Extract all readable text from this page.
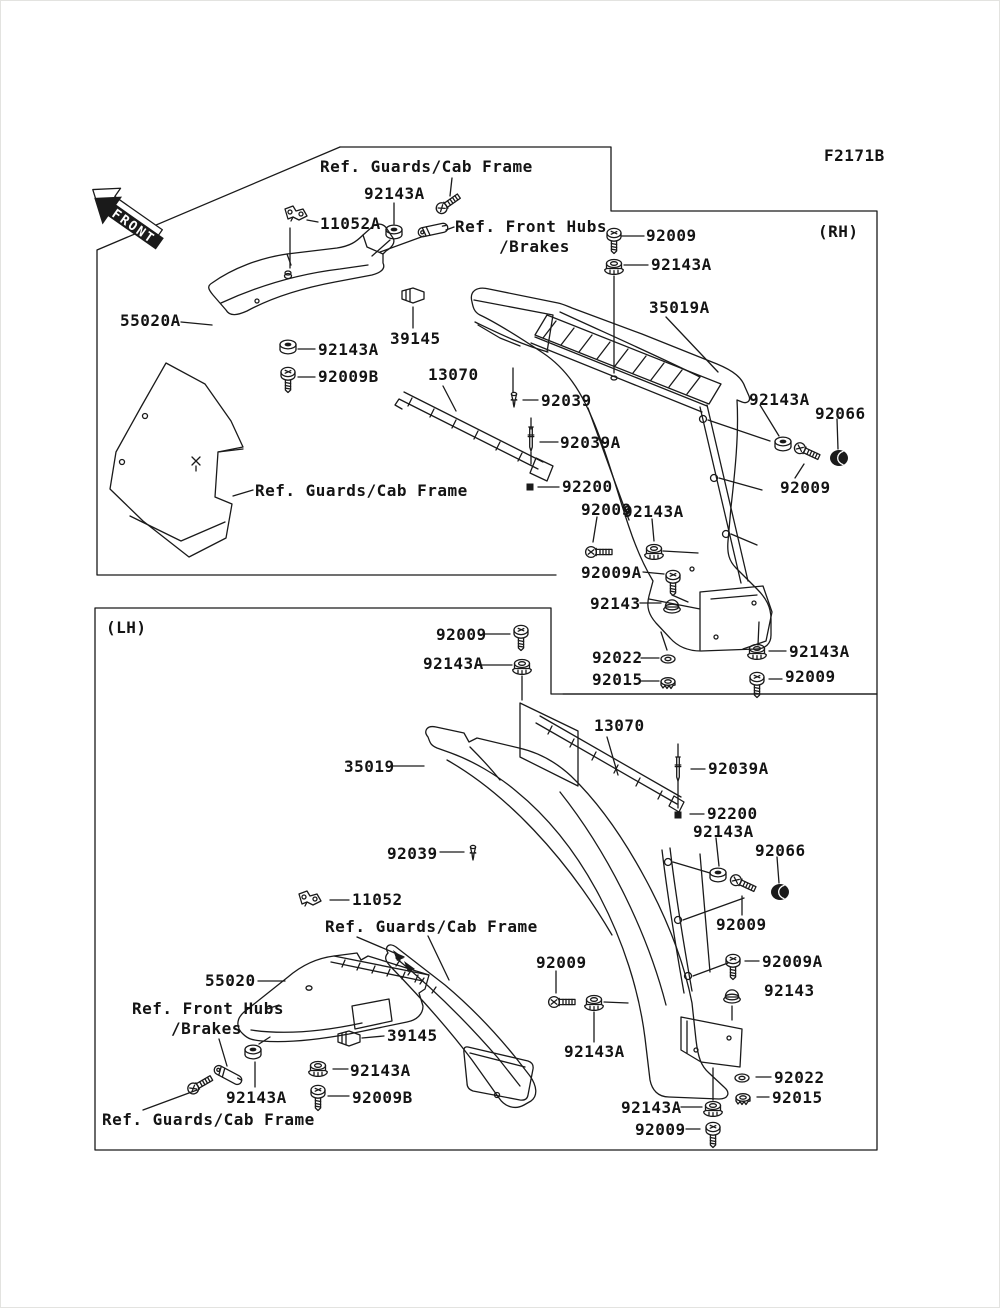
FRONT
Ref. Guards/Cab Frame
92143A
11052A	Ref. Front Hubs
/Brakes
92009
92143A
F2171B
(RH)
35019A
55020A
92143A
92009B
39145
13070
92039
92039A
92200
92009
92143A
92143A
92066
92009
92009A
92143
92022
92015
92143A
92009
Ref. Guards/Cab Frame
(LH)	92009
92143A
13070
35019	92039A
92200
92143A
92066
92009
92039
11052
Ref. Guards/Cab Frame
55020
Ref. Front Hubs
/Brakes
92009	92009A
92143
39145
92143A
92009B
92143A
Ref. Guards/Cab Frame
92143A
92022
92015
92143A
92009
